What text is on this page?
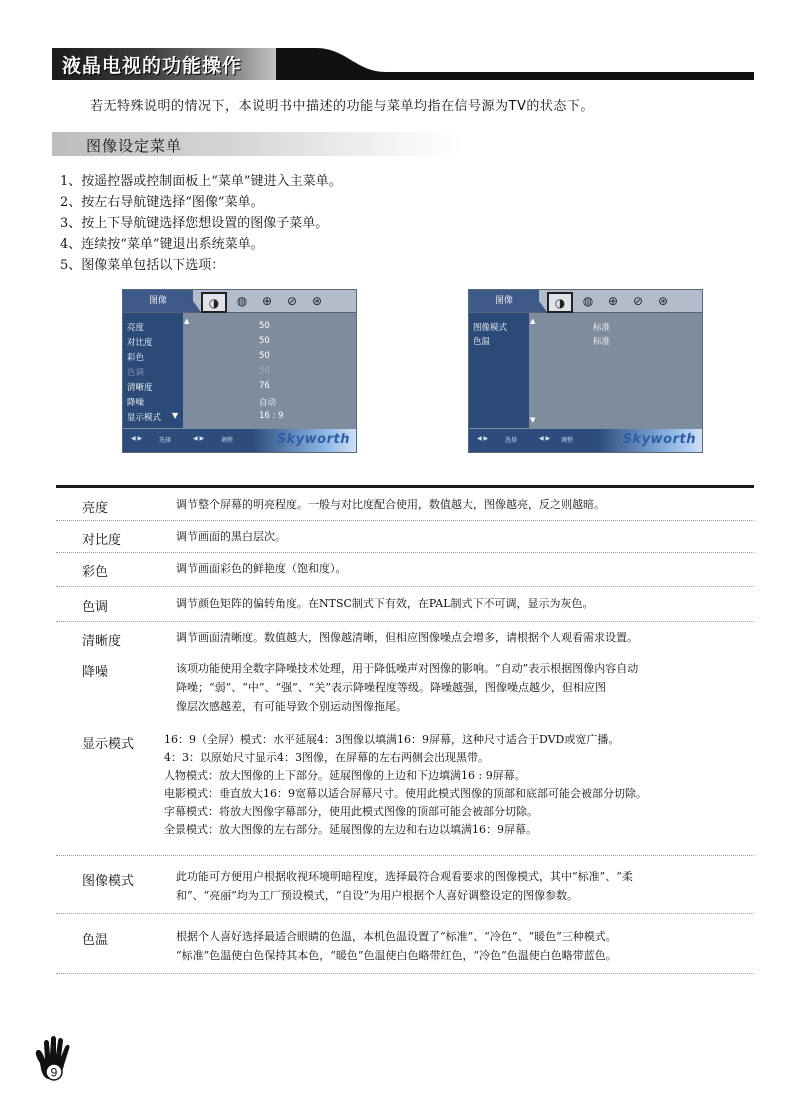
液晶电视的功能操作
若无特殊说明的情况下，本说明书中描述的功能与菜单均指在信号源为TV的状态下。
图像设定菜单
1、按遥控器或控制面板上“菜单”键进入主菜单。
2、按左右导航键选择“图像”菜单。
3、按上下导航键选择您想设置的图像子菜单。
4、连续按“菜单”键退出系统菜单。
5、图像菜单包括以下选项：
图像	◑	◍	⊕	⊘	⊛
亮度
对比度
彩色
色调
清晰度
降噪
显示模式 ▼
50
50
50
50
76
自动
16 : 9
▲
◀ ▶	选择	◀ ▶	调整	Skyworth
图像	◑	◍	⊕	⊘	⊛
图像模式
色温
标准
标准
▲
▼
◀ ▶	选择	◀ ▶ 调整	Skyworth
亮度	调节整个屏幕的明亮程度。一般与对比度配合使用，数值越大，图像越亮，反之则越暗。
对比度	调节画面的黑白层次。
彩色	调节画面彩色的鲜艳度（饱和度）。
色调	调节颜色矩阵的偏转角度。在NTSC制式下有效，在PAL制式下不可调，显示为灰色。
清晰度	调节画面清晰度。数值越大，图像越清晰，但相应图像噪点会增多，请根据个人观看需求设置。
降噪	该项功能使用全数字降噪技术处理，用于降低噪声对图像的影响。“自动”表示根据图像内容自动
降噪；“弱”、“中”、“强”、“关”表示降噪程度等级。降噪越强，图像噪点越少，但相应图
像层次感越差，有可能导致个别运动图像拖尾。
显示模式	16：9（全屏）模式：水平延展4：3图像以填满16：9屏幕，这种尺寸适合于DVD或宽广播。
4：3：以原始尺寸显示4：3图像，在屏幕的左右两侧会出现黑带。
人物模式：放大图像的上下部分。延展图像的上边和下边填满16 : 9屏幕。
电影模式：垂直放大16：9宽幕以适合屏幕尺寸。使用此模式图像的顶部和底部可能会被部分切除。
字幕模式：将放大图像字幕部分，使用此模式图像的顶部可能会被部分切除。
全景模式：放大图像的左右部分。延展图像的左边和右边以填满16：9屏幕。
图像模式	此功能可方便用户根据收视环境明暗程度，选择最符合观看要求的图像模式，其中“标准”、“柔
和”、“亮丽”均为工厂预设模式，“自设”为用户根据个人喜好调整设定的图像参数。
色温	根据个人喜好选择最适合眼睛的色温，本机色温设置了“标准”、“冷色”、“暖色”三种模式。
“标准”色温使白色保持其本色，“暖色”色温使白色略带红色，“冷色”色温使白色略带蓝色。
9
